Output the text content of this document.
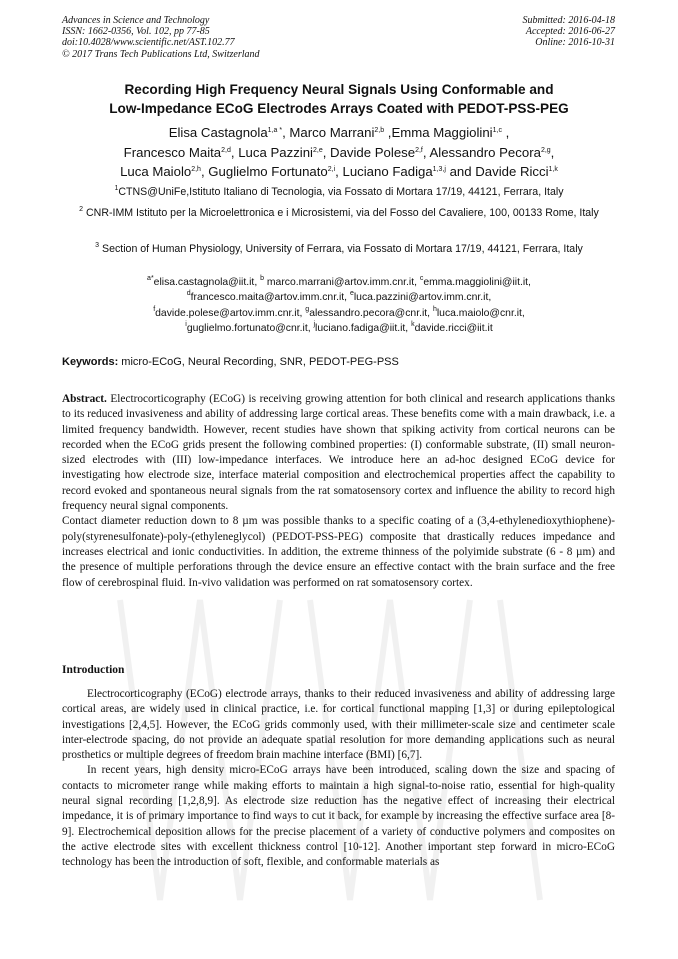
Advances in Science and Technology
ISSN: 1662-0356, Vol. 102, pp 77-85
doi:10.4028/www.scientific.net/AST.102.77
© 2017 Trans Tech Publications Ltd, Switzerland
Submitted: 2016-04-18
Accepted: 2016-06-27
Online: 2016-10-31
Recording High Frequency Neural Signals Using Conformable and
Low-Impedance ECoG Electrodes Arrays Coated with PEDOT-PSS-PEG
Elisa Castagnola$^{1,a *}$, Marco Marrani$^{2,b}$ ,Emma Maggiolini$^{1,c}$ ,
Francesco Maita$^{2,d}$, Luca Pazzini$^{2,e}$, Davide Polese$^{2,f}$, Alessandro Pecora$^{2,g}$,
Luca Maiolo$^{2,h}$, Guglielmo Fortunato$^{2,i}$, Luciano Fadiga$^{1,3,j}$ and Davide Ricci$^{1,k}$
$^1$CTNS@UniFe,Istituto Italiano di Tecnologia, via Fossato di Mortara 17/19, 44121, Ferrara, Italy
$^2$ CNR-IMM Istituto per la Microelettronica e i Microsistemi, via del Fosso del Cavaliere, 100, 00133 Rome, Italy
$^3$ Section of Human Physiology, University of Ferrara, via Fossato di Mortara 17/19, 44121, Ferrara, Italy
$^{a*}$elisa.castagnola@iit.it, $^b$ marco.marrani@artov.imm.cnr.it, $^c$emma.maggiolini@iit.it,
$^d$francesco.maita@artov.imm.cnr.it, $^e$luca.pazzini@artov.imm.cnr.it,
$^f$davide.polese@artov.imm.cnr.it, $^g$alessandro.pecora@cnr.it, $^h$luca.maiolo@cnr.it,
$^i$guglielmo.fortunato@cnr.it, $^j$luciano.fadiga@iit.it, $^k$davide.ricci@iit.it
Keywords: micro-ECoG, Neural Recording, SNR, PEDOT-PEG-PSS

Abstract. Electrocorticography (ECoG) is receiving growing attention for both clinical and research applications thanks to its reduced invasiveness and ability of addressing large cortical areas. These benefits come with a main drawback, i.e. a limited frequency bandwidth. However, recent studies have shown that spiking activity from cortical neurons can be recorded when the ECoG grids present the following combined properties: (I) conformable substrate, (II) small neuron-sized electrodes with (III) low-impedance interfaces. We introduce here an ad-hoc designed ECoG device for investigating how electrode size, interface material composition and electrochemical properties affect the capability to record evoked and spontaneous neural signals from the rat somatosensory cortex and influence the ability to record high frequency neural signal components.

Contact diameter reduction down to 8 µm was possible thanks to a specific coating of a (3,4-ethylenedioxythiophene)-poly(styrenesulfonate)-poly-(ethyleneglycol) (PEDOT-PSS-PEG) composite that drastically reduces impedance and increases electrical and ionic conductivities. In addition, the extreme thinness of the polyimide substrate (6 - 8 µm) and the presence of multiple perforations through the device ensure an effective contact with the brain surface and the free flow of cerebrospinal fluid. In-vivo validation was performed on rat somatosensory cortex.

Introduction

Electrocorticography (ECoG) electrode arrays, thanks to their reduced invasiveness and ability of addressing large cortical areas, are widely used in clinical practice, i.e. for cortical functional mapping [1,3] or during epileptological investigations [2,4,5]. However, the ECoG grids commonly used, with their millimeter-scale size and centimeter scale inter-electrode spacing, do not provide an adequate spatial resolution for more demanding applications such as neural prosthetics or multiple degrees of freedom brain machine interface (BMI) [6,7].

In recent years, high density micro-ECoG arrays have been introduced, scaling down the size and spacing of contacts to micrometer range while making efforts to maintain a high signal-to-noise ratio, essential for high-quality neural signal recording [1,2,8,9]. As electrode size reduction has the negative effect of increasing their electrical impedance, it is of primary importance to find ways to cut it back, for example by increasing the effective surface area [8-9]. Electrochemical deposition allows for the precise placement of a variety of conductive polymers and composites on the active electrode sites with excellent thickness control [10-12]. Another important step forward in micro-ECoG technology has been the introduction of soft, flexible, and conformable materials as
